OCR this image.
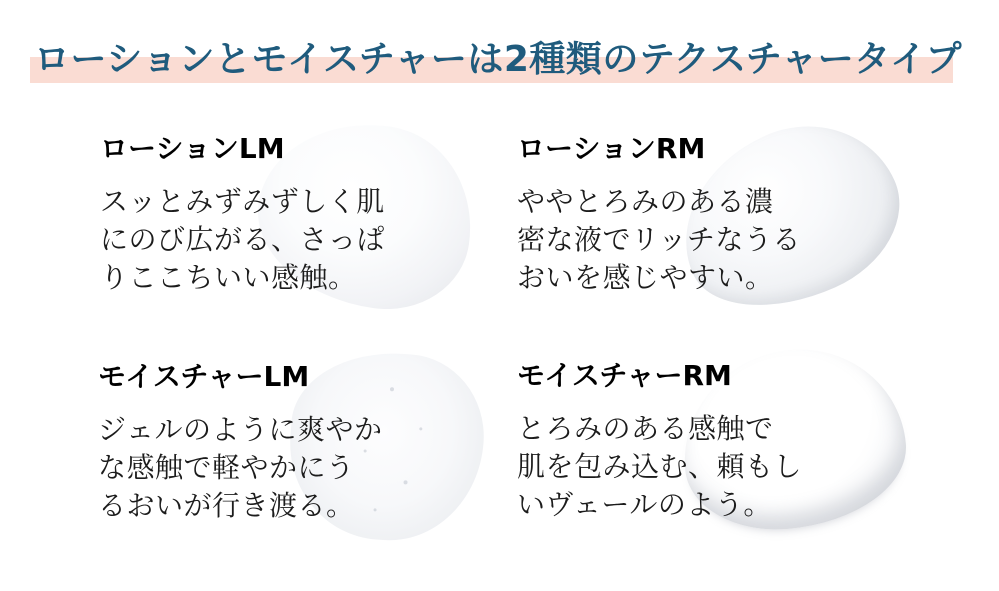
ローションとモイスチャーは2種類のテクスチャータイプ
ローションLM
スッとみずみずしく肌
にのび広がる、さっぱ
りここちいい感触。
ローションRM
ややとろみのある濃
密な液でリッチなうる
おいを感じやすい。
モイスチャーLM
ジェルのように爽やか
な感触で軽やかにう
るおいが行き渡る。
モイスチャーRM
とろみのある感触で
肌を包み込む、頼もし
いヴェールのよう。
